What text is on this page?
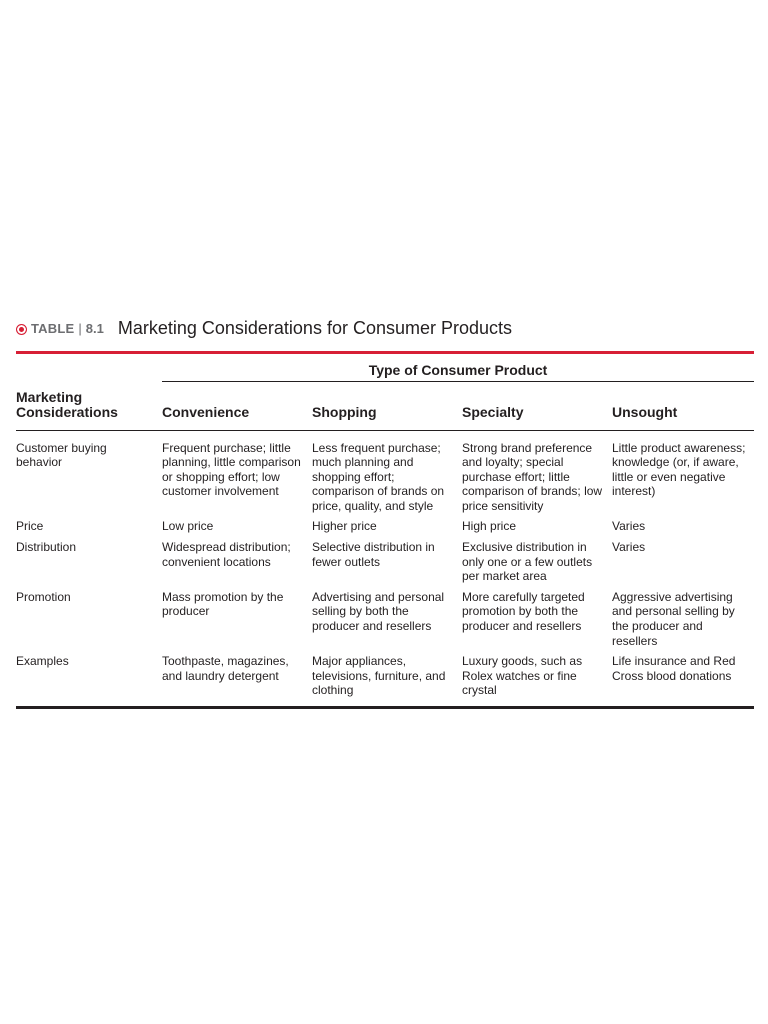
TABLE | 8.1 Marketing Considerations for Consumer Products
	Type of Consumer Product			
Marketing Considerations	Convenience	Shopping	Specialty	Unsought

Customer buying behavior	Frequent purchase; little planning, little comparison or shopping effort; low customer involvement	Less frequent purchase; much planning and shopping effort; comparison of brands on price, quality, and style	Strong brand preference and loyalty; special purchase effort; little comparison of brands; low price sensitivity	Little product awareness; knowledge (or, if aware, little or even negative interest)
Price	Low price	Higher price	High price	Varies
Distribution	Widespread distribution; convenient locations	Selective distribution in fewer outlets	Exclusive distribution in only one or a few outlets per market area	Varies
Promotion	Mass promotion by the producer	Advertising and personal selling by both the producer and resellers	More carefully targeted promotion by both the producer and resellers	Aggressive advertising and personal selling by the producer and resellers
Examples	Toothpaste, magazines, and laundry detergent	Major appliances, televisions, furniture, and clothing	Luxury goods, such as Rolex watches or fine crystal	Life insurance and Red Cross blood donations
